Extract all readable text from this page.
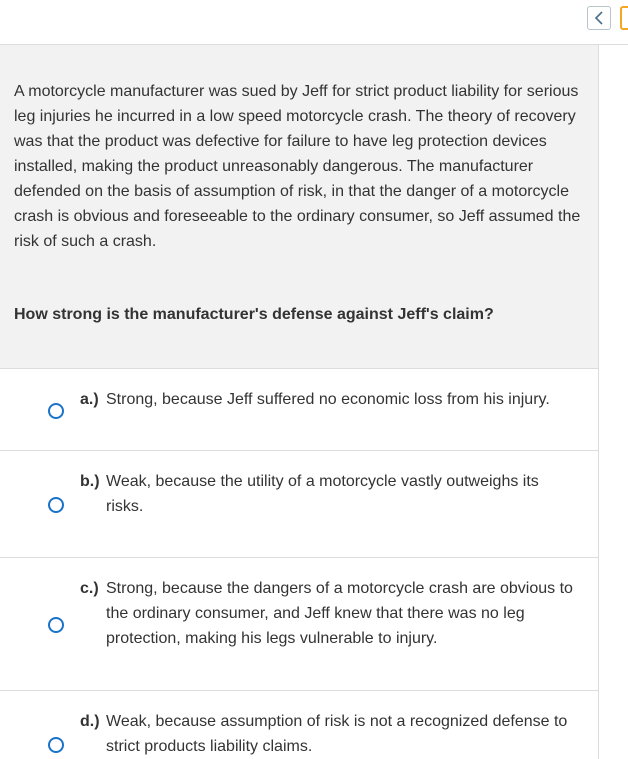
A motorcycle manufacturer was sued by Jeff for strict product liability for serious leg injuries he incurred in a low speed motorcycle crash. The theory of recovery was that the product was defective for failure to have leg protection devices installed, making the product unreasonably dangerous. The manufacturer defended on the basis of assumption of risk, in that the danger of a motorcycle crash is obvious and foreseeable to the ordinary consumer, so Jeff assumed the risk of such a crash.
How strong is the manufacturer's defense against Jeff's claim?
a.) Strong, because Jeff suffered no economic loss from his injury.
b.) Weak, because the utility of a motorcycle vastly outweighs its risks.
c.) Strong, because the dangers of a motorcycle crash are obvious to the ordinary consumer, and Jeff knew that there was no leg protection, making his legs vulnerable to injury.
d.) Weak, because assumption of risk is not a recognized defense to strict products liability claims.
